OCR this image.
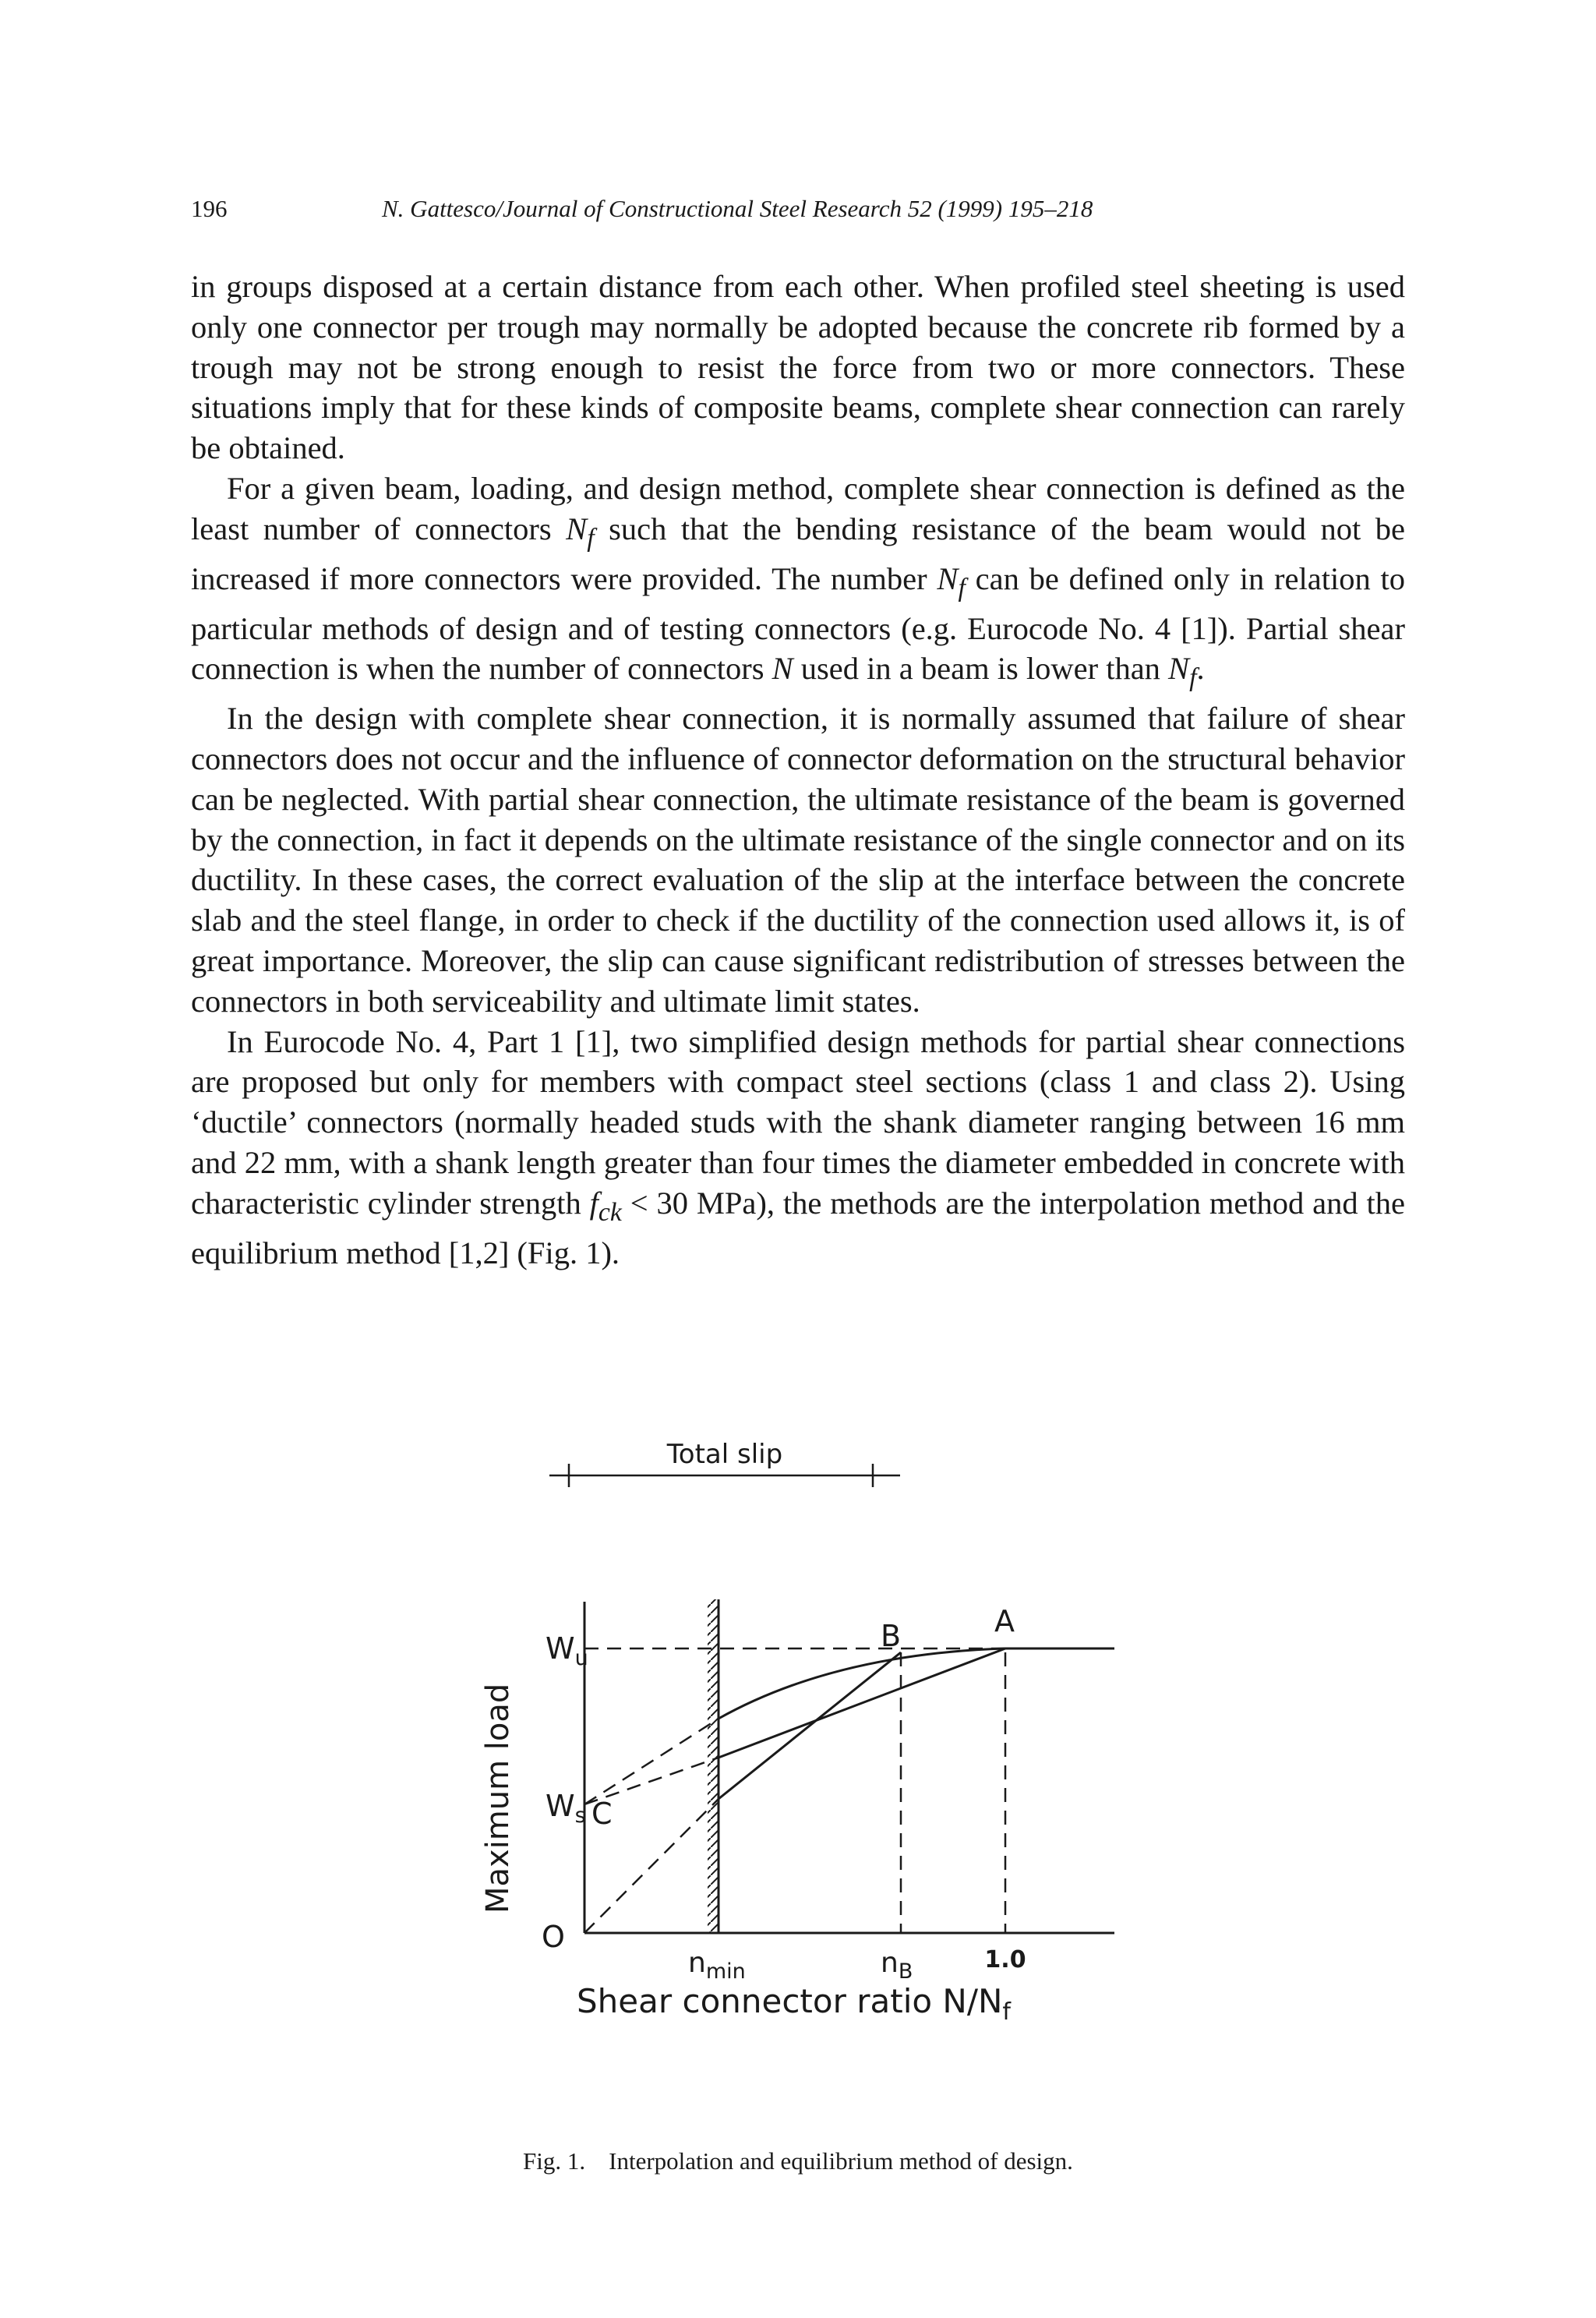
196	N. Gattesco/Journal of Constructional Steel Research 52 (1999) 195–218

in groups disposed at a certain distance from each other. When profiled steel sheeting is used only one connector per trough may normally be adopted because the concrete rib formed by a trough may not be strong enough to resist the force from two or more connectors. These situations imply that for these kinds of composite beams, complete shear connection can rarely be obtained.

For a given beam, loading, and design method, complete shear connection is defined as the least number of connectors $N_f$ such that the bending resistance of the beam would not be increased if more connectors were provided. The number $N_f$ can be defined only in relation to particular methods of design and of testing connectors (e.g. Eurocode No. 4 [1]). Partial shear connection is when the number of connectors N used in a beam is lower than $N_f$.

In the design with complete shear connection, it is normally assumed that failure of shear connectors does not occur and the influence of connector deformation on the structural behavior can be neglected. With partial shear connection, the ultimate resistance of the beam is governed by the connection, in fact it depends on the ultimate resistance of the single connector and on its ductility. In these cases, the correct evaluation of the slip at the interface between the concrete slab and the steel flange, in order to check if the ductility of the connection used allows it, is of great importance. Moreover, the slip can cause significant redistribution of stresses between the connectors in both serviceability and ultimate limit states.

In Eurocode No. 4, Part 1 [1], two simplified design methods for partial shear connections are proposed but only for members with compact steel sections (class 1 and class 2). Using ‘ductile’ connectors (normally headed studs with the shank diameter ranging between 16 mm and 22 mm, with a shank length greater than four times the diameter embedded in concrete with characteristic cylinder strength $f_{ck} < 30$ MPa), the methods are the interpolation method and the equilibrium method [1,2] (Fig. 1).

Total slip
Maximum load
$W_u$
$W_s$
O
C
B	A
$n_{min}$	$n_B$	1.0
Shear connector ratio $N/N_f$
Fig. 1. Interpolation and equilibrium method of design.
